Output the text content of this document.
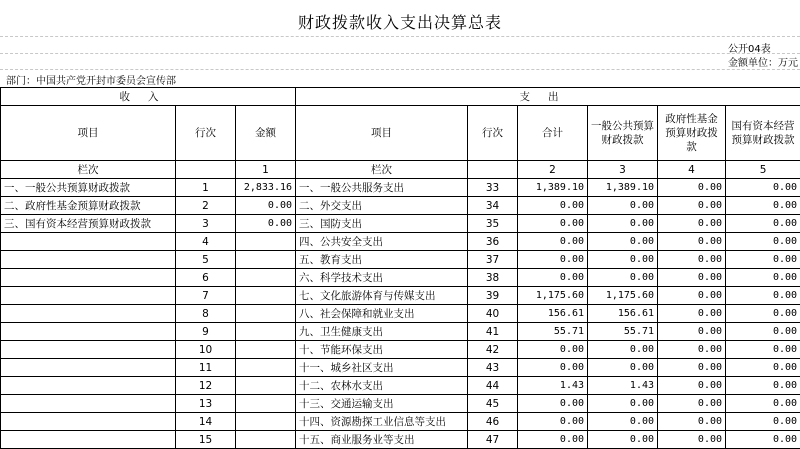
财政拨款收入支出决算总表
公开04表
金额单位：万元
部门：中国共产党开封市委员会宣传部
收入			支出					
项目	行次	金额	项目	行次	合计	一般公共预算财政拨款	政府性基金预算财政拨款	国有资本经营预算财政拨款
栏次		1	栏次		2	3	4	5
一、一般公共预算财政拨款	1	2,833.16	一、一般公共服务支出	33	1,389.10	1,389.10	0.00	0.00
二、政府性基金预算财政拨款	2	0.00	二、外交支出	34	0.00	0.00	0.00	0.00
三、国有资本经营预算财政拨款	3	0.00	三、国防支出	35	0.00	0.00	0.00	0.00
	4		四、公共安全支出	36	0.00	0.00	0.00	0.00
	5		五、教育支出	37	0.00	0.00	0.00	0.00
	6		六、科学技术支出	38	0.00	0.00	0.00	0.00
	7		七、文化旅游体育与传媒支出	39	1,175.60	1,175.60	0.00	0.00
	8		八、社会保障和就业支出	40	156.61	156.61	0.00	0.00
	9		九、卫生健康支出	41	55.71	55.71	0.00	0.00
	10		十、节能环保支出	42	0.00	0.00	0.00	0.00
	11		十一、城乡社区支出	43	0.00	0.00	0.00	0.00
	12		十二、农林水支出	44	1.43	1.43	0.00	0.00
	13		十三、交通运输支出	45	0.00	0.00	0.00	0.00
	14		十四、资源勘探工业信息等支出	46	0.00	0.00	0.00	0.00
	15		十五、商业服务业等支出	47	0.00	0.00	0.00	0.00
